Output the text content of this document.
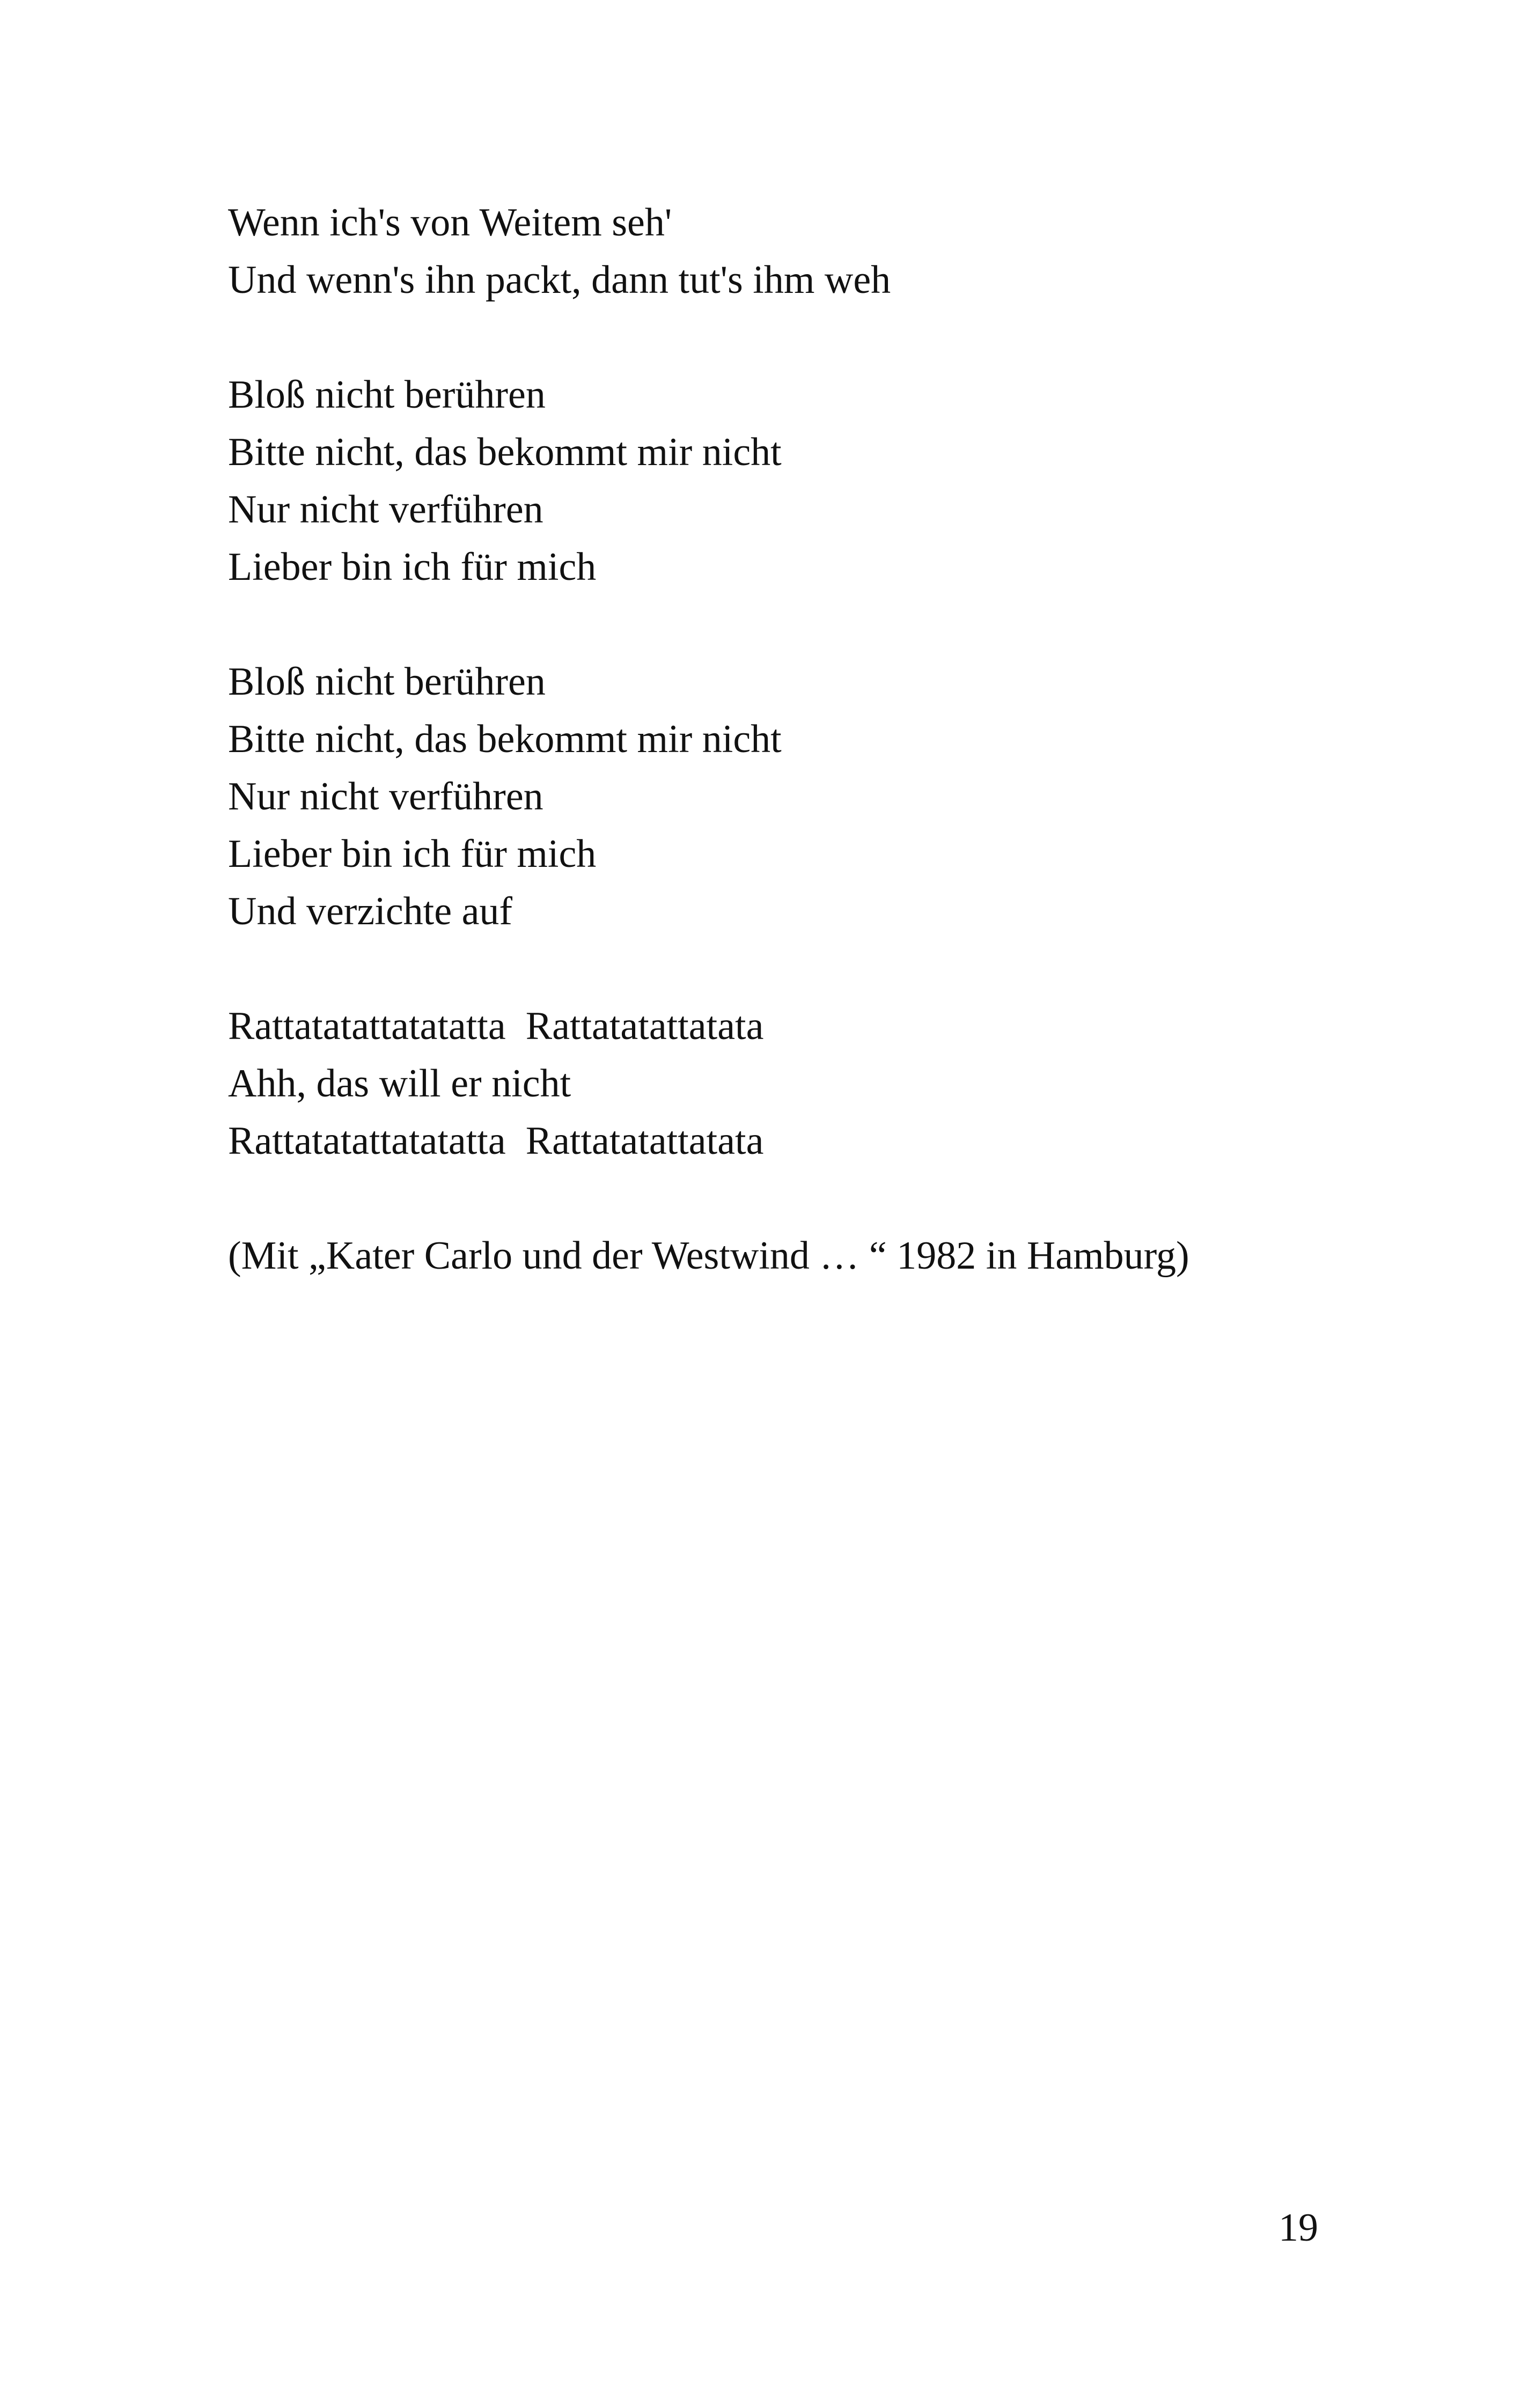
Wenn ich's von Weitem seh'
Und wenn's ihn packt, dann tut's ihm weh
Bloß nicht berühren
Bitte nicht, das bekommt mir nicht
Nur nicht verführen
Lieber bin ich für mich
Bloß nicht berühren
Bitte nicht, das bekommt mir nicht
Nur nicht verführen
Lieber bin ich für mich
Und verzichte auf
Rattatatattatatatta  Rattatatattatata
Ahh, das will er nicht
Rattatatattatatatta  Rattatatattatata
(Mit „Kater Carlo und der Westwind … “ 1982 in Hamburg)
19
